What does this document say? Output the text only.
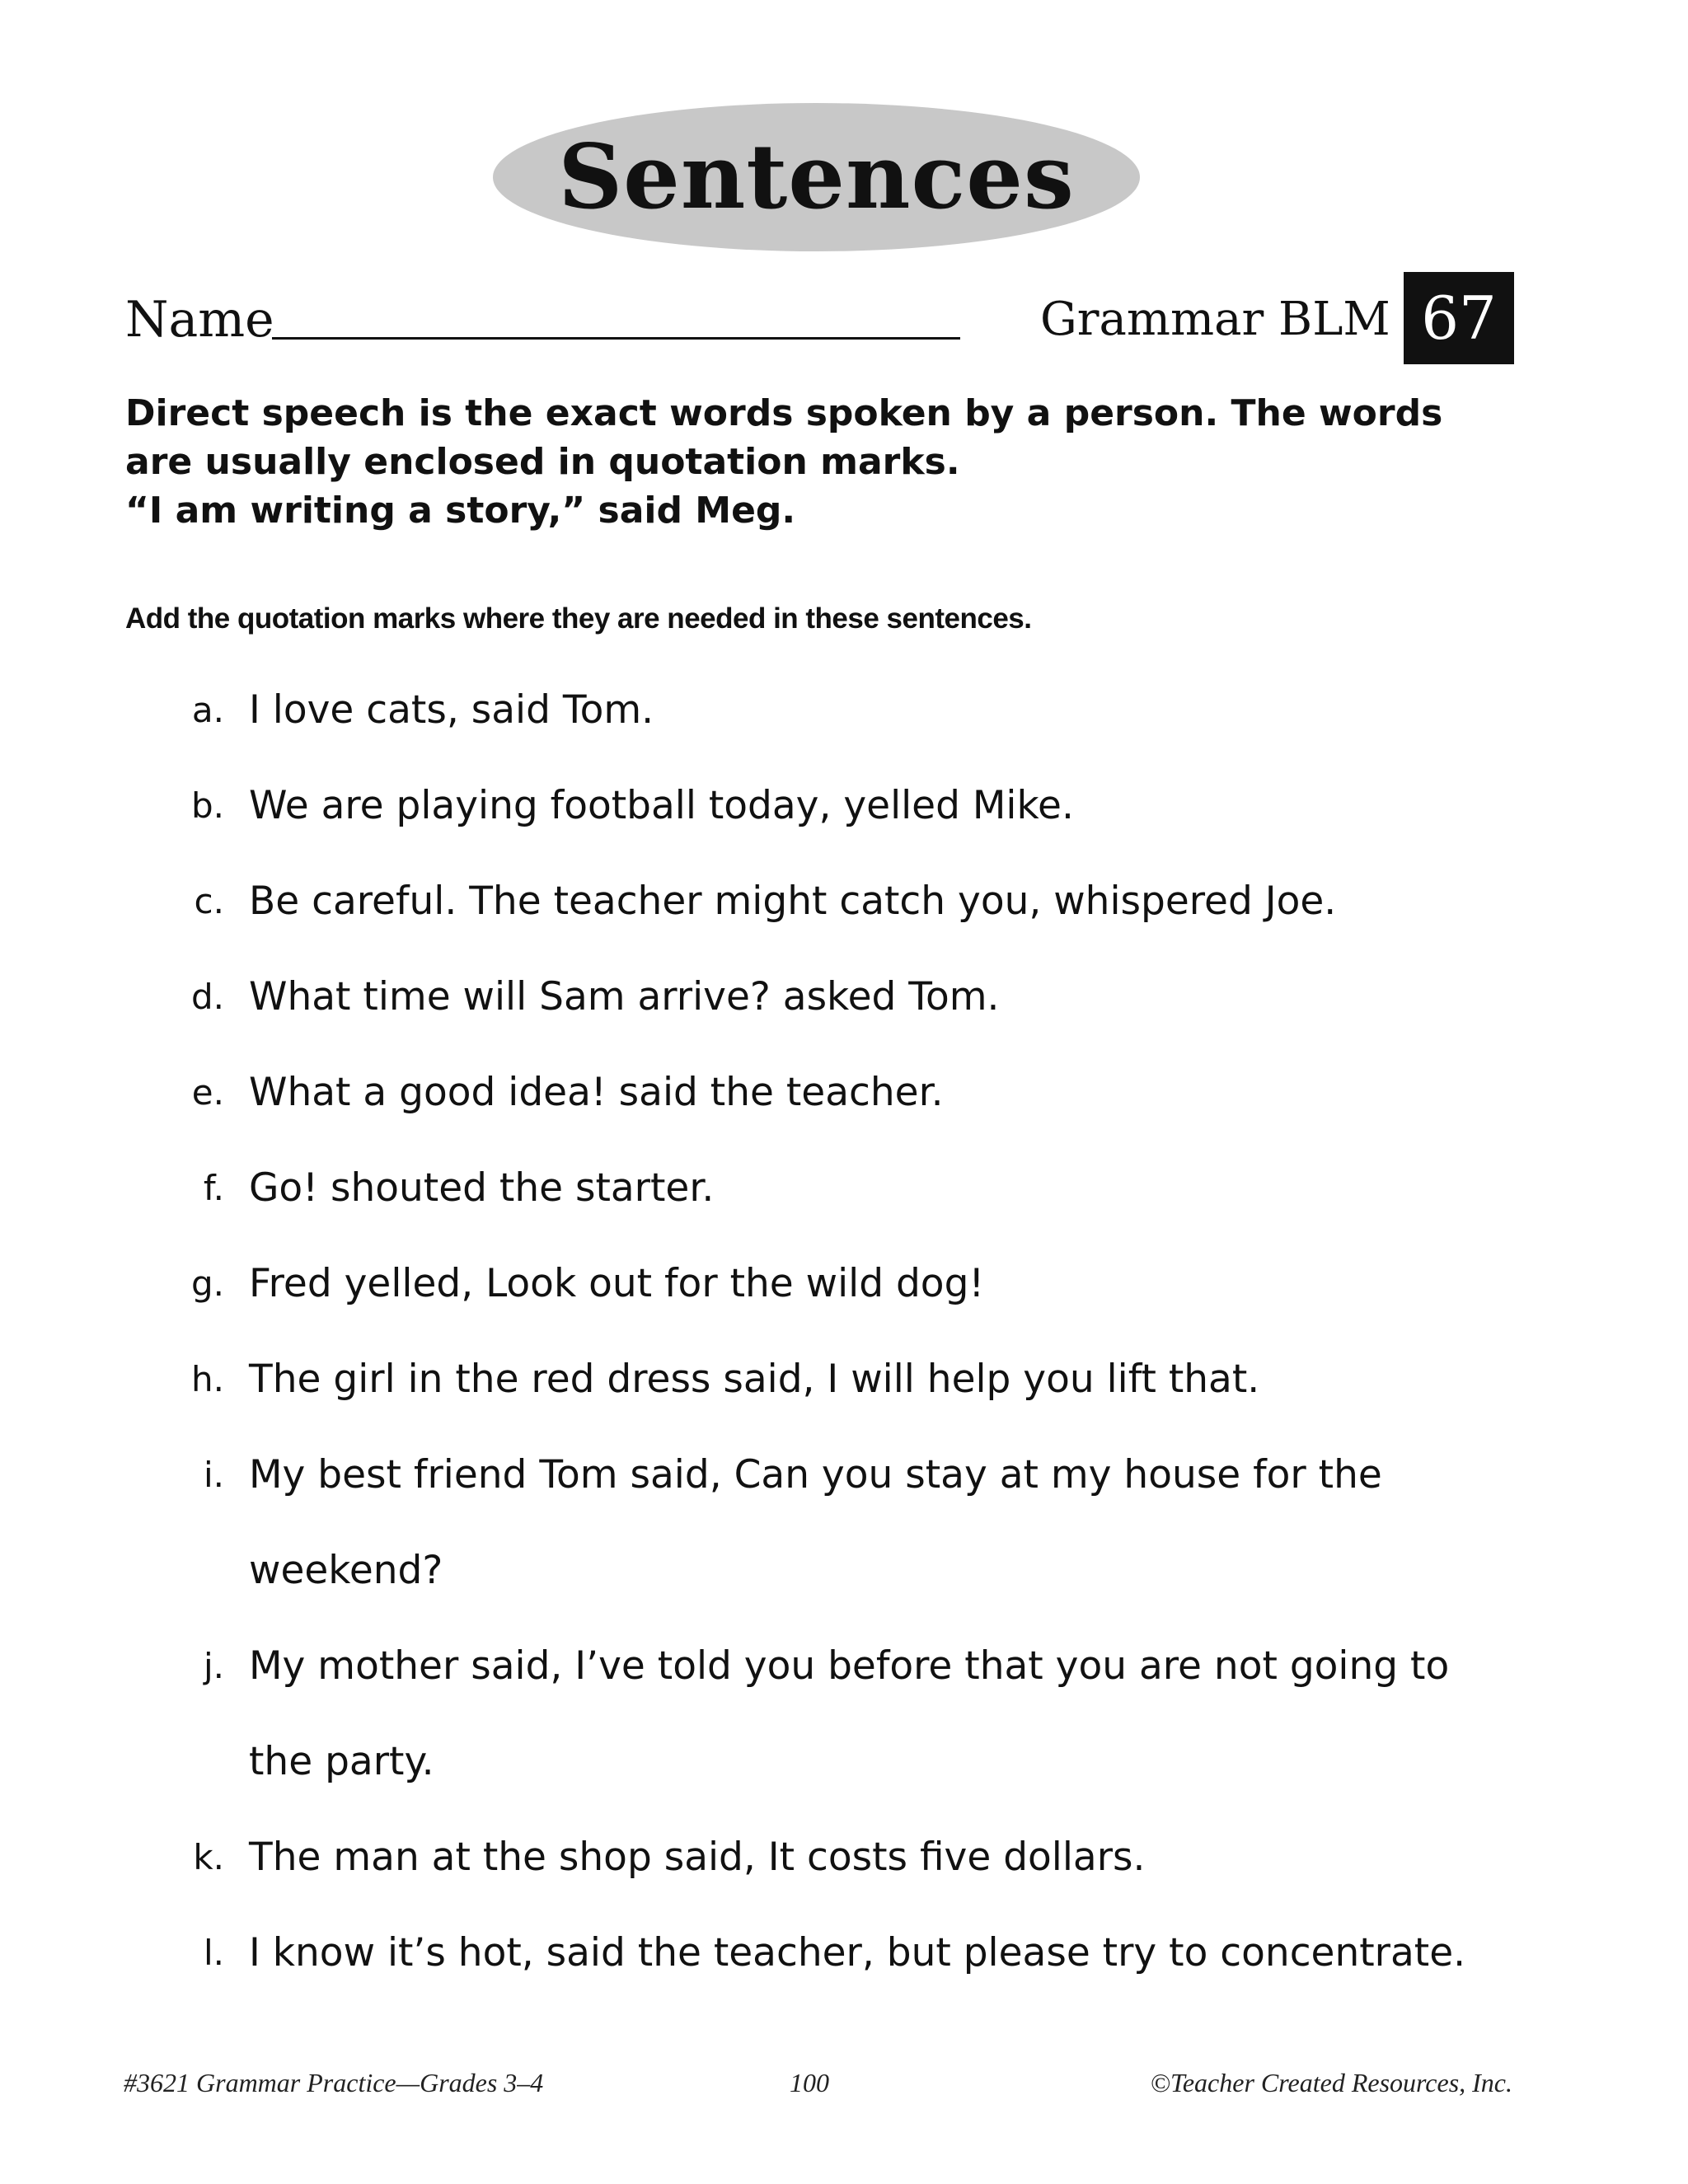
Sentences
Name	Grammar BLM 67
Direct speech is the exact words spoken by a person. The words
are usually enclosed in quotation marks.
“I am writing a story,” said Meg.
Add the quotation marks where they are needed in these sentences.
a. I love cats, said Tom.
b. We are playing football today, yelled Mike.
c. Be careful. The teacher might catch you, whispered Joe.
d. What time will Sam arrive? asked Tom.
e. What a good idea! said the teacher.
f. Go! shouted the starter.
g. Fred yelled, Look out for the wild dog!
h. The girl in the red dress said, I will help you lift that.
i. My best friend Tom said, Can you stay at my house for the
weekend?
j. My mother said, I’ve told you before that you are not going to
the party.
k. The man at the shop said, It costs five dollars.
l. I know it’s hot, said the teacher, but please try to concentrate.
#3621 Grammar Practice—Grades 3–4	100	©Teacher Created Resources, Inc.
